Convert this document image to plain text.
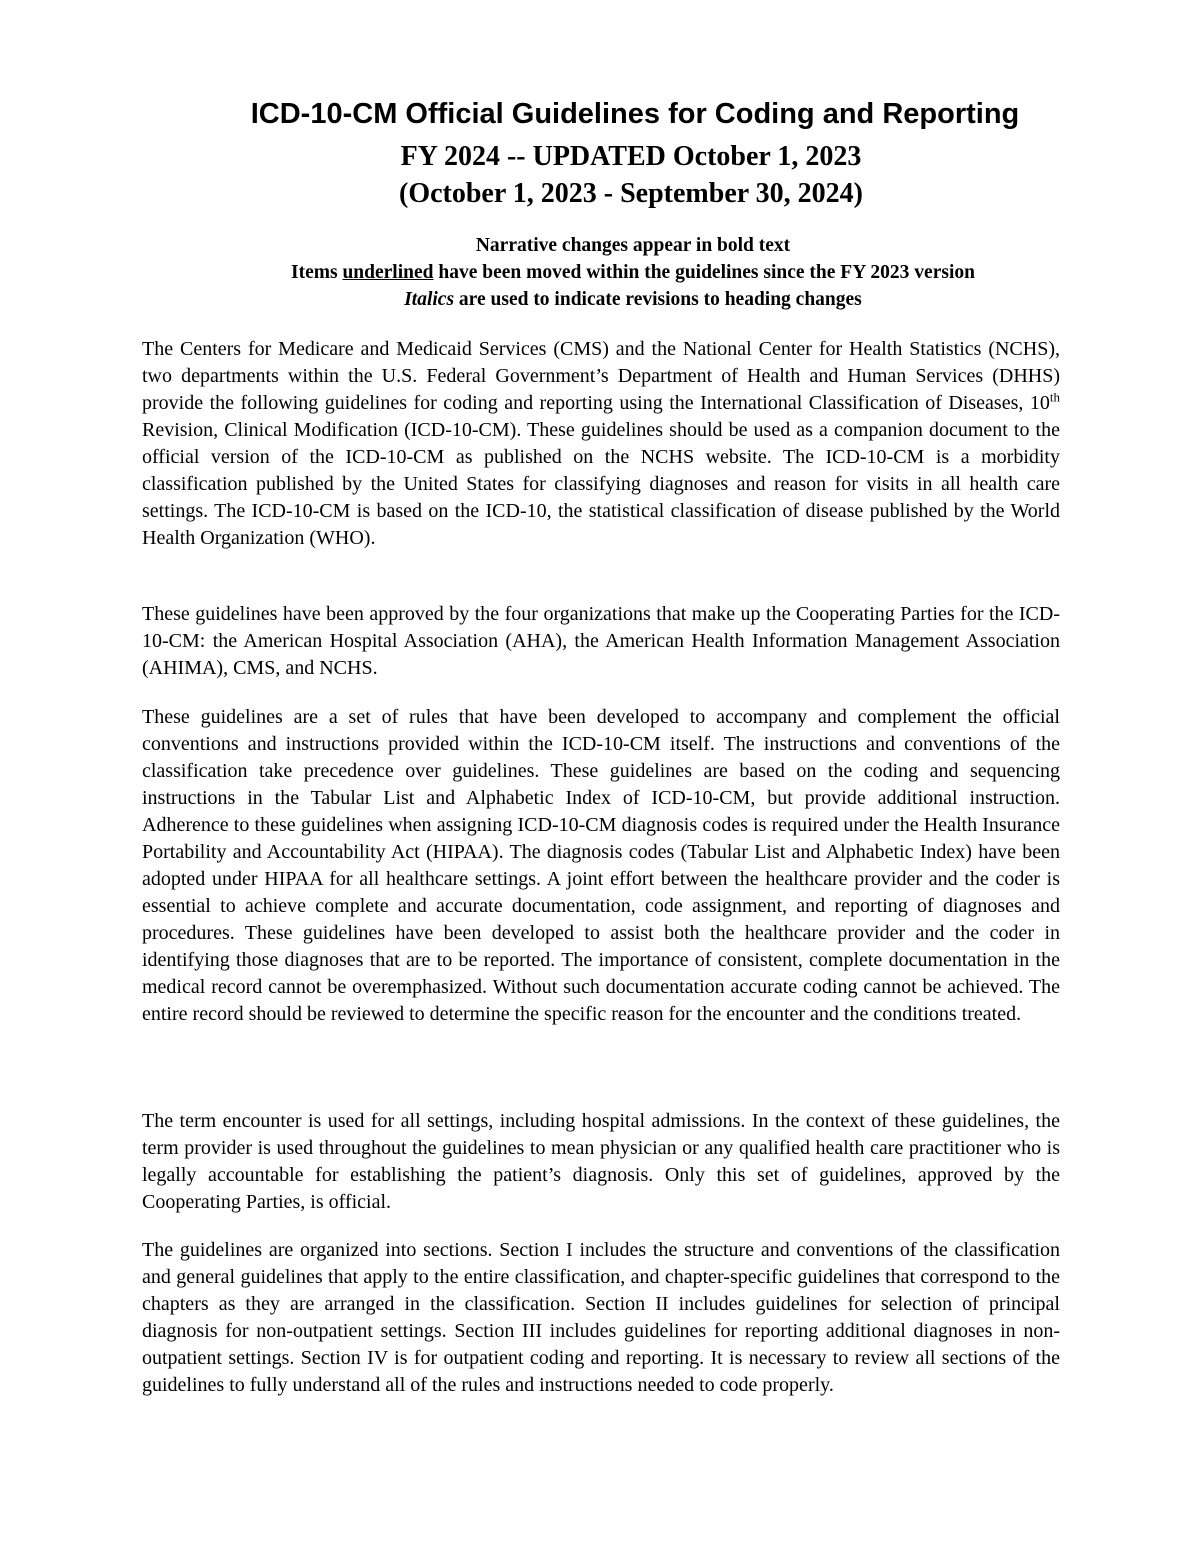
ICD-10-CM Official Guidelines for Coding and Reporting
FY 2024 -- UPDATED October 1, 2023
(October 1, 2023 - September 30, 2024)
Narrative changes appear in bold text
Items underlined have been moved within the guidelines since the FY 2023 version
Italics are used to indicate revisions to heading changes
The Centers for Medicare and Medicaid Services (CMS) and the National Center for Health Statistics (NCHS), two departments within the U.S. Federal Government’s Department of Health and Human Services (DHHS) provide the following guidelines for coding and reporting using the International Classification of Diseases, 10th Revision, Clinical Modification (ICD-10-CM). These guidelines should be used as a companion document to the official version of the ICD-10-CM as published on the NCHS website. The ICD-10-CM is a morbidity classification published by the United States for classifying diagnoses and reason for visits in all health care settings. The ICD-10-CM is based on the ICD-10, the statistical classification of disease published by the World Health Organization (WHO).
These guidelines have been approved by the four organizations that make up the Cooperating Parties for the ICD-10-CM: the American Hospital Association (AHA), the American Health Information Management Association (AHIMA), CMS, and NCHS.
These guidelines are a set of rules that have been developed to accompany and complement the official conventions and instructions provided within the ICD-10-CM itself. The instructions and conventions of the classification take precedence over guidelines. These guidelines are based on the coding and sequencing instructions in the Tabular List and Alphabetic Index of ICD-10-CM, but provide additional instruction. Adherence to these guidelines when assigning ICD-10-CM diagnosis codes is required under the Health Insurance Portability and Accountability Act (HIPAA). The diagnosis codes (Tabular List and Alphabetic Index) have been adopted under HIPAA for all healthcare settings. A joint effort between the healthcare provider and the coder is essential to achieve complete and accurate documentation, code assignment, and reporting of diagnoses and procedures. These guidelines have been developed to assist both the healthcare provider and the coder in identifying those diagnoses that are to be reported. The importance of consistent, complete documentation in the medical record cannot be overemphasized. Without such documentation accurate coding cannot be achieved. The entire record should be reviewed to determine the specific reason for the encounter and the conditions treated.
The term encounter is used for all settings, including hospital admissions. In the context of these guidelines, the term provider is used throughout the guidelines to mean physician or any qualified health care practitioner who is legally accountable for establishing the patient’s diagnosis. Only this set of guidelines, approved by the Cooperating Parties, is official.
The guidelines are organized into sections. Section I includes the structure and conventions of the classification and general guidelines that apply to the entire classification, and chapter-specific guidelines that correspond to the chapters as they are arranged in the classification. Section II includes guidelines for selection of principal diagnosis for non-outpatient settings. Section III includes guidelines for reporting additional diagnoses in non-outpatient settings. Section IV is for outpatient coding and reporting. It is necessary to review all sections of the guidelines to fully understand all of the rules and instructions needed to code properly.
